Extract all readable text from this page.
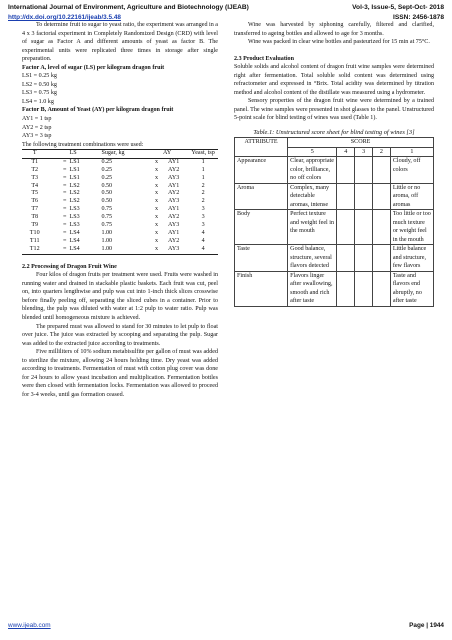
International Journal of Environment, Agriculture and Biotechnology (IJEAB)	Vol-3, Issue-5, Sept-Oct- 2018
http://dx.doi.org/10.22161/ijeab/3.5.48	ISSN: 2456-1878

To determine fruit to sugar to yeast ratio, the experiment was arranged in a 4 x 3 factorial experiment in Completely Randomized Design (CRD) with level of sugar as Factor A and different amounts of yeast as factor B. The experimental units were replicated three times in storage after single preparation.

Factor A, level of sugar (LS) per kilogram dragon fruit

LS1 = 0.25 kg

LS2 = 0.50 kg

LS3 = 0.75 kg

LS4 = 1.0 kg

Factor B, Amount of Yeast (AY) per kilogram dragon fruit

AY1 = 1 tsp

AY2 = 2 tsp

AY3 = 3 tsp

The following treatment combinations were used:

T		LS	Sugar, kg	AY	Yeast, tsp
T1	=	LS1	0.25	x AY1	1
T2	=	LS1	0.25	x AY2	1
T3	=	LS1	0.25	x AY3	1
T4	=	LS2	0.50	x AY1	2
T5	=	LS2	0.50	x AY2	2
T6	=	LS2	0.50	x AY3	2
T7	=	LS3	0.75	x AY1	3
T8	=	LS3	0.75	x AY2	3
T9	=	LS3	0.75	x AY3	3
T10	=	LS4	1.00	x AY1	4
T11	=	LS4	1.00	x AY2	4
T12	=	LS4	1.00	x AY3	4

2.2 Processing of Dragon Fruit Wine

Four kilos of dragon fruits per treatment were used. Fruits were washed in running water and drained in stackable plastic baskets. Each fruit was cut, peel on, into quarters lengthwise and pulp was cut into 1-inch thick slices crosswise before finally peeling off, separating the sliced cubes in a container. Prior to blending, the pulp was diluted with water at 1:2 pulp to water ratio. Pulp was blended until homogeneous mixture is achieved.

The prepared must was allowed to stand for 30 minutes to let pulp to float over juice. The juice was extracted by scooping and separating the pulp. Sugar was added to the extracted juice according to treatments.

Five milliliters of 10% sodium metabisulfite per gallon of must was added to sterilize the mixture, allowing 24 hours holding time. Dry yeast was added according to treatments. Fermentation of must with cotton plug cover was done for 24 hours to allow yeast incubation and multiplication. Fermentation bottles were then closed with fermentation locks. Fermentation was allowed to proceed for 3-4 weeks, until gas formation ceased.

Wine was harvested by siphoning carefully, filtered and clarified, transferred to ageing bottles and allowed to age for 3 months.

Wine was packed in clear wine bottles and pasteurized for 15 min at 75°C.

2.3 Product Evaluation

Soluble solids and alcohol content of dragon fruit wine samples were determined right after fermentation. Total soluble solid content was determined using refractometer and expressed in °Brix. Total acidity was determined by titration method and alcohol content of the distillate was measured using a hydrometer.

Sensory properties of the dragon fruit wine were determined by a trained panel. The wine samples were presented in shot glasses to the panel. Unstructured 5-point scale for blind testing of wines was used (Table 1).

Table.1: Unstructured score sheet for blind testing of wines [3]

ATTRIBUTE	SCORE				
	5	4	3	2	1
Appearance	Clear, appropriate color, brilliance, no off colors				Cloudy, off colors
Aroma	Complex, many detectable aromas, intense				Little or no aroma, off aromas
Body	Perfect texture and weight feel in the mouth				Too little or too much texture or weight feel in the mouth
Taste	Good balance, structure, several flavors detected				Little balance and structure, few flavors
Finish	Flavors linger after swallowing, smooth and rich after taste				Taste and flavors end abruptly, no after taste
www.ijeab.com	Page | 1944
